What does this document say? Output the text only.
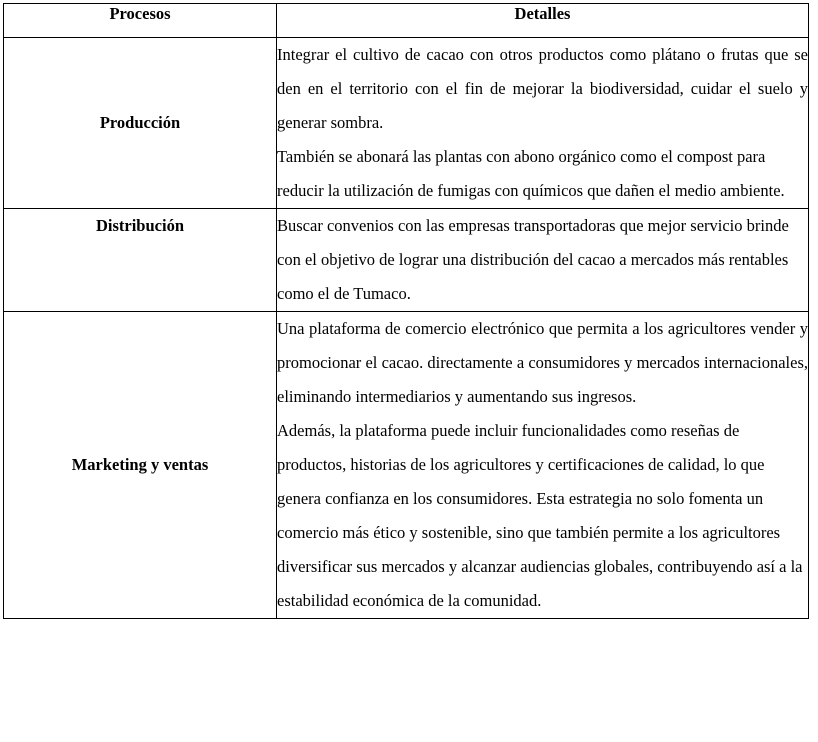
Procesos	Detalles
Producción	Integrar el cultivo de cacao con otros productos como plátano o frutas que se den en el territorio con el fin de mejorar la biodiversidad, cuidar el suelo y generar sombra.

También se abonará las plantas con abono orgánico como el compost para reducir la utilización de fumigas con químicos que dañen el medio ambiente.

Distribución	Buscar convenios con las empresas transportadoras que mejor servicio brinde con el objetivo de lograr una distribución del cacao a mercados más rentables como el de Tumaco.

Marketing y ventas	Una plataforma de comercio electrónico que permita a los agricultores vender y promocionar el cacao. directamente a consumidores y mercados internacionales, eliminando intermediarios y aumentando sus ingresos.

Además, la plataforma puede incluir funcionalidades como reseñas de productos, historias de los agricultores y certificaciones de calidad, lo que genera confianza en los consumidores. Esta estrategia no solo fomenta un comercio más ético y sostenible, sino que también permite a los agricultores diversificar sus mercados y alcanzar audiencias globales, contribuyendo así a la estabilidad económica de la comunidad.
